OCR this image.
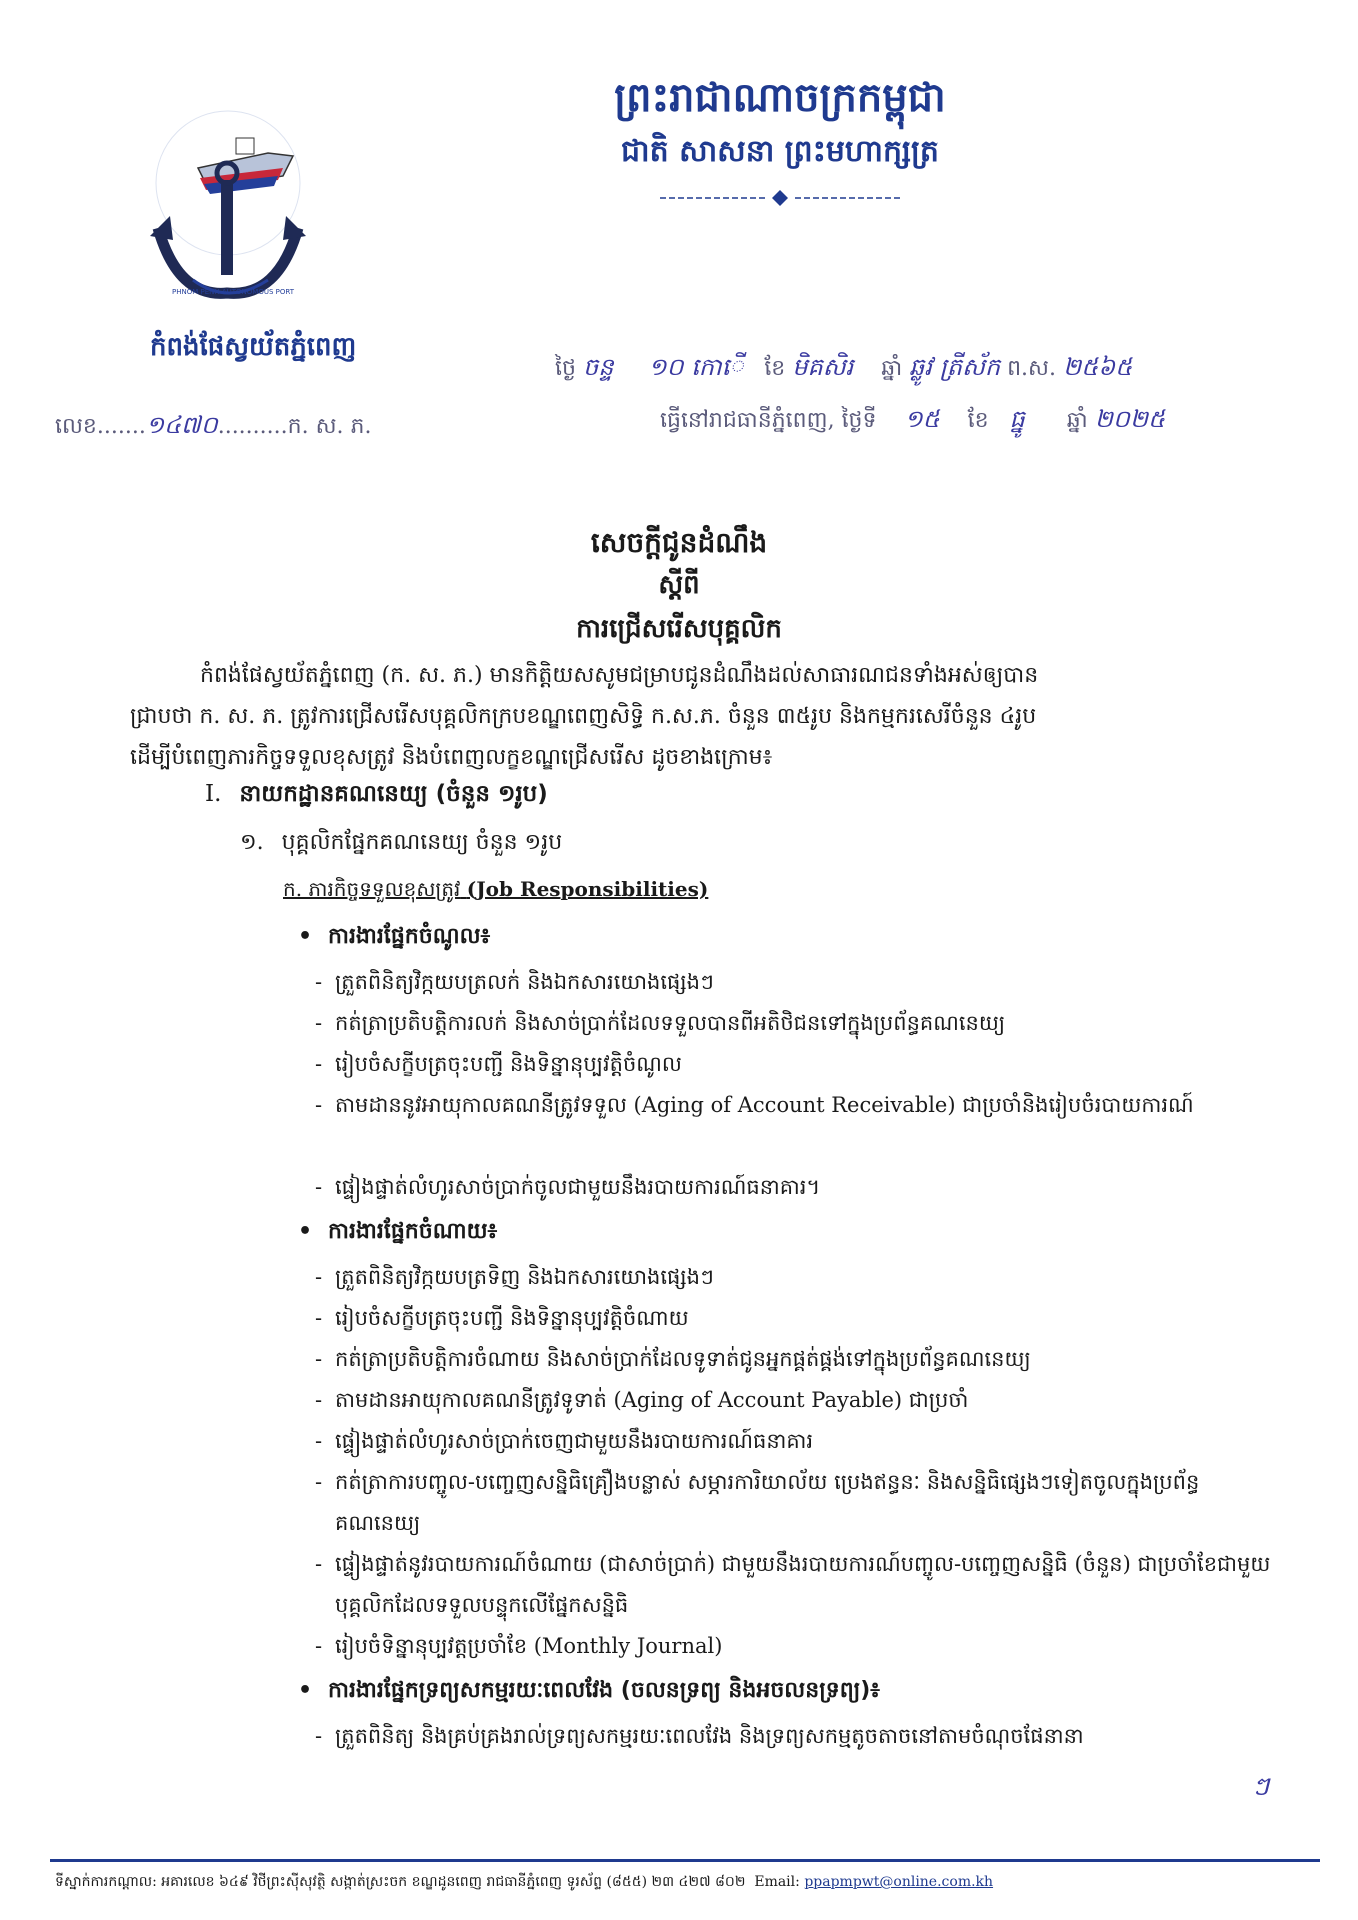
PHNOM PENH AUTONOMOUS PORT
កំពង់ផែស្វយ័តភ្នំពេញ
ព្រះរាជាណាចក្រកម្ពុជា
ជាតិ សាសនា ព្រះមហាក្សត្រ
ថ្ងៃ ចន្ទ ១០ កោើ ខែ មិគសិរ ឆ្នាំ ឆ្លូវ ត្រីស័ក ព.ស. ២៥៦៥
ធ្វើនៅរាជធានីភ្នំពេញ, ថ្ងៃទី ១៥ ខែ ធ្នូ ឆ្នាំ ២០២៥
លេខ.......១៤៧០..........ក. ស. ភ.
សេចក្តីជូនដំណឹង
ស្តីពី
ការជ្រើសរើសបុគ្គលិក
កំពង់ផែស្វយ័តភ្នំពេញ (ក. ស. ភ.) មានកិត្តិយសសូមជម្រាបជូនដំណឹងដល់សាធារណជនទាំងអស់ឲ្យបាន
ជ្រាបថា ក. ស. ភ. ត្រូវការជ្រើសរើសបុគ្គលិកក្របខណ្ឌពេញសិទ្ធិ ក.ស.ភ. ចំនួន ៣៥រូប និងកម្មករសេរីចំនួន ៤រូប
ដើម្បីបំពេញភារកិច្ចទទួលខុសត្រូវ និងបំពេញលក្ខខណ្ឌជ្រើសរើស ដូចខាងក្រោម៖
I. នាយកដ្ឋានគណនេយ្យ (ចំនួន ១រូប)
១. បុគ្គលិកផ្នែកគណនេយ្យ ចំនួន ១រូប
ក. ភារកិច្ចទទួលខុសត្រូវ (Job Responsibilities)
• ការងារផ្នែកចំណូល៖
- ត្រួតពិនិត្យវិក្កយបត្រលក់ និងឯកសារយោងផ្សេងៗ
- កត់ត្រាប្រតិបត្តិការលក់ និងសាច់ប្រាក់ដែលទទួលបានពីអតិថិជនទៅក្នុងប្រព័ន្ធគណនេយ្យ
- រៀបចំសក្ខីបត្រចុះបញ្ជី និងទិន្នានុប្បវត្តិចំណូល
- តាមដាននូវអាយុកាលគណនីត្រូវទទួល (Aging of Account Receivable) ជាប្រចាំនិងរៀបចំរបាយការណ៍
- ផ្ទៀងផ្ទាត់លំហូរសាច់ប្រាក់ចូលជាមួយនឹងរបាយការណ៍ធនាគារ។
• ការងារផ្នែកចំណាយ៖
- ត្រួតពិនិត្យវិក្កយបត្រទិញ និងឯកសារយោងផ្សេងៗ
- រៀបចំសក្ខីបត្រចុះបញ្ជី និងទិន្នានុប្បវត្តិចំណាយ
- កត់ត្រាប្រតិបត្តិការចំណាយ និងសាច់ប្រាក់ដែលទូទាត់ជូនអ្នកផ្គត់ផ្គង់ទៅក្នុងប្រព័ន្ធគណនេយ្យ
- តាមដានអាយុកាលគណនីត្រូវទូទាត់ (Aging of Account Payable) ជាប្រចាំ
- ផ្ទៀងផ្ទាត់លំហូរសាច់ប្រាក់ចេញជាមួយនឹងរបាយការណ៍ធនាគារ
- កត់ត្រាការបញ្ចូល-បញ្ចេញសន្និធិគ្រឿងបន្លាស់ សម្ភារការិយាល័យ ប្រេងឥន្ធនៈ និងសន្និធិផ្សេងៗទៀតចូលក្នុងប្រព័ន្ធគណនេយ្យ
- ផ្ទៀងផ្ទាត់នូវរបាយការណ៍ចំណាយ (ជាសាច់ប្រាក់) ជាមួយនឹងរបាយការណ៍បញ្ចូល-បញ្ចេញសន្និធិ (ចំនួន) ជាប្រចាំខែជាមួយបុគ្គលិកដែលទទួលបន្ទុកលើផ្នែកសន្និធិ
- រៀបចំទិន្នានុប្បវត្តប្រចាំខែ (Monthly Journal)
• ការងារផ្នែកទ្រព្យសកម្មរយៈពេលវែង (ចលនទ្រព្យ និងអចលនទ្រព្យ)៖
- ត្រួតពិនិត្យ និងគ្រប់គ្រងរាល់ទ្រព្យសកម្មរយៈពេលវែង និងទ្រព្យសកម្មតូចតាចនៅតាមចំណុចផែនានា
ៗ
ទីស្នាក់ការកណ្តាល: អគារលេខ ៦៤៩ វិថីព្រះស៊ីសុវត្ថិ សង្កាត់ស្រះចក ខណ្ឌដូនពេញ រាជធានីភ្នំពេញ ទូរស័ព្ទ (៨៥៥) ២៣ ៤២៧ ៨០២ Email: ppapmpwt@online.com.kh
